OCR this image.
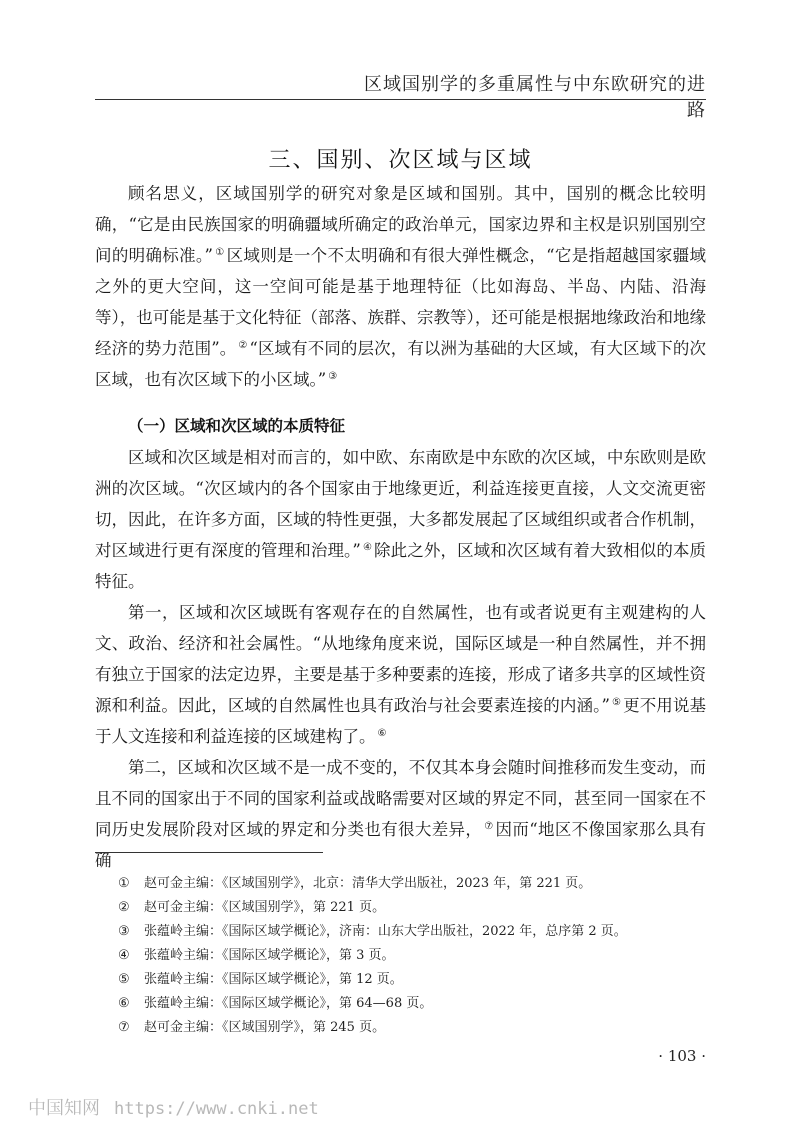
区域国别学的多重属性与中东欧研究的进路
三、国别、次区域与区域

顾名思义，区域国别学的研究对象是区域和国别。其中，国别的概念比较明确，“它是由民族国家的明确疆域所确定的政治单元，国家边界和主权是识别国别空间的明确标准。” ① 区域则是一个不太明确和有很大弹性概念，“它是指超越国家疆域之外的更大空间，这一空间可能是基于地理特征（比如海岛、半岛、内陆、沿海等），也可能是基于文化特征（部落、族群、宗教等），还可能是根据地缘政治和地缘经济的势力范围”。 ② “区域有不同的层次，有以洲为基础的大区域，有大区域下的次区域，也有次区域下的小区域。” ③

（一）区域和次区域的本质特征

区域和次区域是相对而言的，如中欧、东南欧是中东欧的次区域，中东欧则是欧洲的次区域。“次区域内的各个国家由于地缘更近，利益连接更直接，人文交流更密切，因此，在许多方面，区域的特性更强，大多都发展起了区域组织或者合作机制，对区域进行更有深度的管理和治理。” ④ 除此之外，区域和次区域有着大致相似的本质特征。

第一，区域和次区域既有客观存在的自然属性，也有或者说更有主观建构的人文、政治、经济和社会属性。“从地缘角度来说，国际区域是一种自然属性，并不拥有独立于国家的法定边界，主要是基于多种要素的连接，形成了诸多共享的区域性资源和利益。因此，区域的自然属性也具有政治与社会要素连接的内涵。” ⑤ 更不用说基于人文连接和利益连接的区域建构了。 ⑥

第二，区域和次区域不是一成不变的，不仅其本身会随时间推移而发生变动，而且不同的国家出于不同的国家利益或战略需要对区域的界定不同，甚至同一国家在不同历史发展阶段对区域的界定和分类也有很大差异， ⑦ 因而“地区不像国家那么具有确

① 赵可金主编：《区域国别学》，北京：清华大学出版社，2023 年，第 221 页。
② 赵可金主编：《区域国别学》，第 221 页。
③ 张蕴岭主编：《国际区域学概论》，济南：山东大学出版社，2022 年，总序第 2 页。
④ 张蕴岭主编：《国际区域学概论》，第 3 页。
⑤ 张蕴岭主编：《国际区域学概论》，第 12 页。
⑥ 张蕴岭主编：《国际区域学概论》，第 64—68 页。
⑦ 赵可金主编：《区域国别学》，第 245 页。
· 103 ·
中国知网 https://www.cnki.net
